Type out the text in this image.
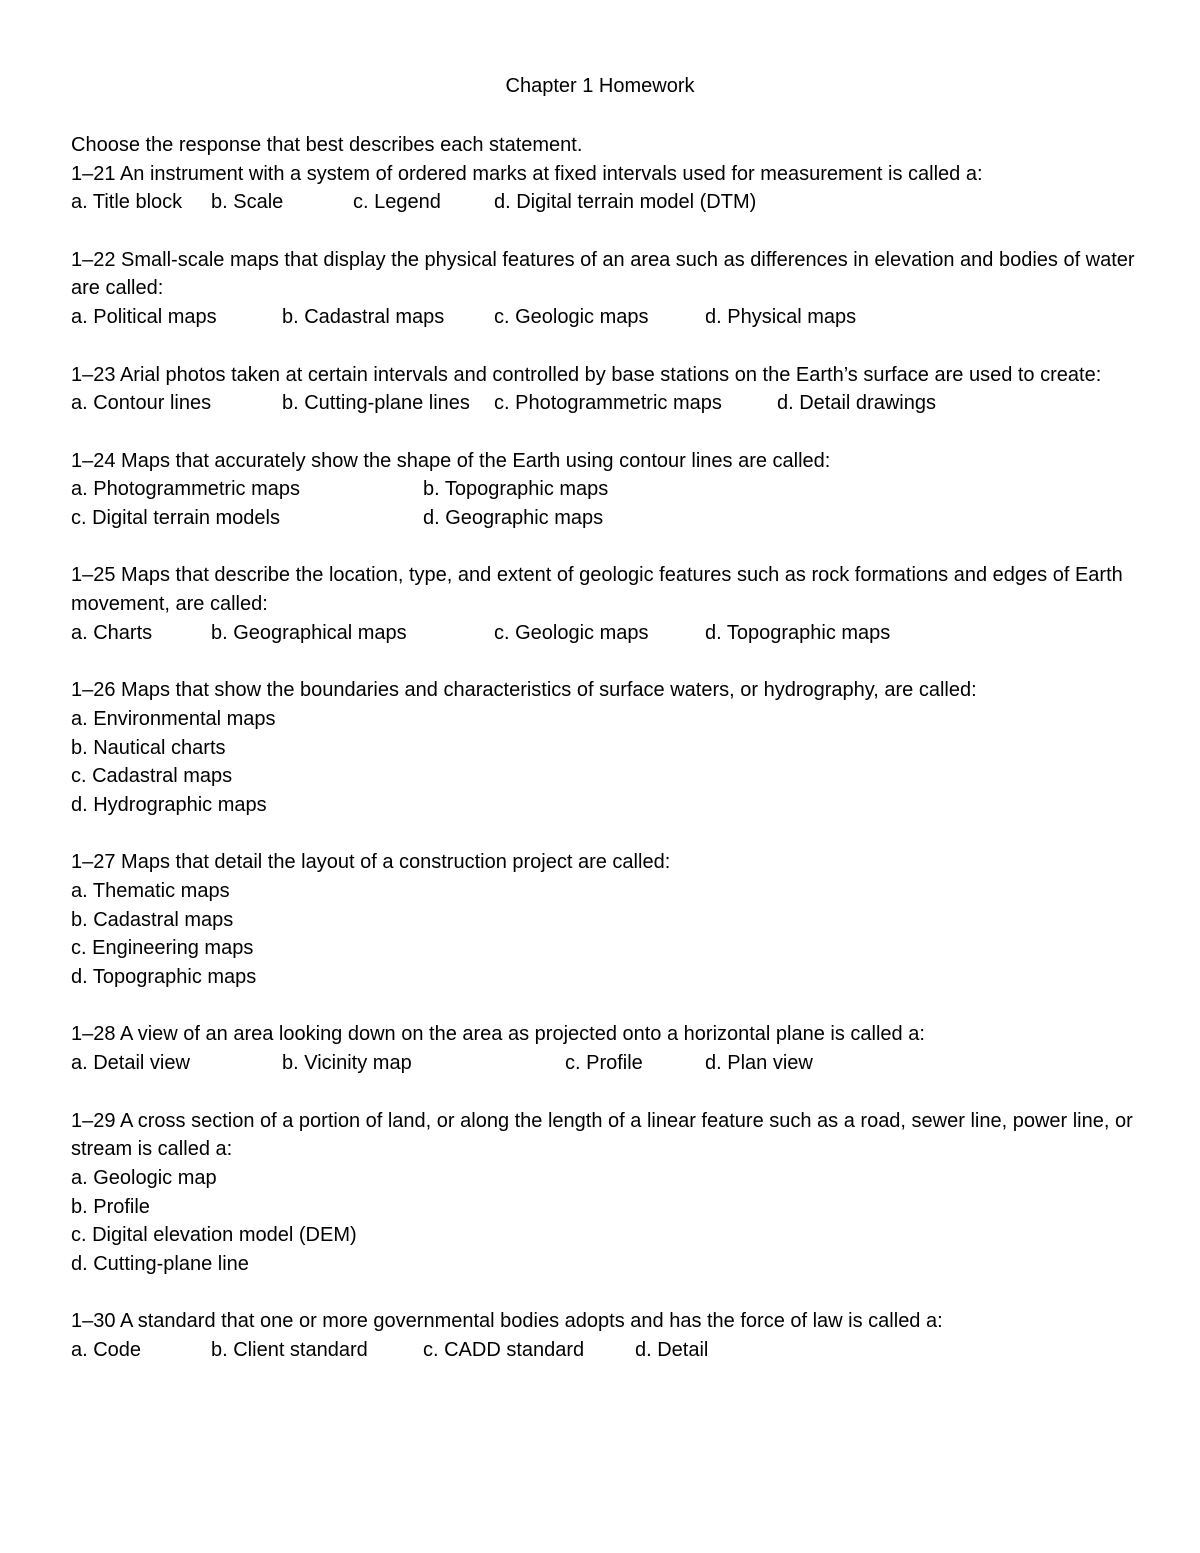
Chapter 1 Homework
Choose the response that best describes each statement.
1–21 An instrument with a system of ordered marks at fixed intervals used for measurement is called a:
a. Title block b. Scale	c. Legend	d. Digital terrain model (DTM)
1–22 Small-scale maps that display the physical features of an area such as differences in elevation and bodies of water are called:
a. Political maps	b. Cadastral maps c. Geologic maps	d. Physical maps
1–23 Arial photos taken at certain intervals and controlled by base stations on the Earth’s surface are used to create:
a. Contour lines	b. Cutting-plane lines c. Photogrammetric maps	d. Detail drawings
1–24 Maps that accurately show the shape of the Earth using contour lines are called:
a. Photogrammetric maps	b. Topographic maps
c. Digital terrain models	d. Geographic maps
1–25 Maps that describe the location, type, and extent of geologic features such as rock formations and edges of Earth movement, are called:
a. Charts	b. Geographical maps	c. Geologic maps	d. Topographic maps
1–26 Maps that show the boundaries and characteristics of surface waters, or hydrography, are called:
a. Environmental maps
b. Nautical charts
c. Cadastral maps
d. Hydrographic maps
1–27 Maps that detail the layout of a construction project are called:
a. Thematic maps
b. Cadastral maps
c. Engineering maps
d. Topographic maps
1–28 A view of an area looking down on the area as projected onto a horizontal plane is called a:
a. Detail view	b. Vicinity map	c. Profile	d. Plan view
1–29 A cross section of a portion of land, or along the length of a linear feature such as a road, sewer line, power line, or stream is called a:
a. Geologic map
b. Profile
c. Digital elevation model (DEM)
d. Cutting-plane line
1–30 A standard that one or more governmental bodies adopts and has the force of law is called a:
a. Code	b. Client standard	c. CADD standard	d. Detail
